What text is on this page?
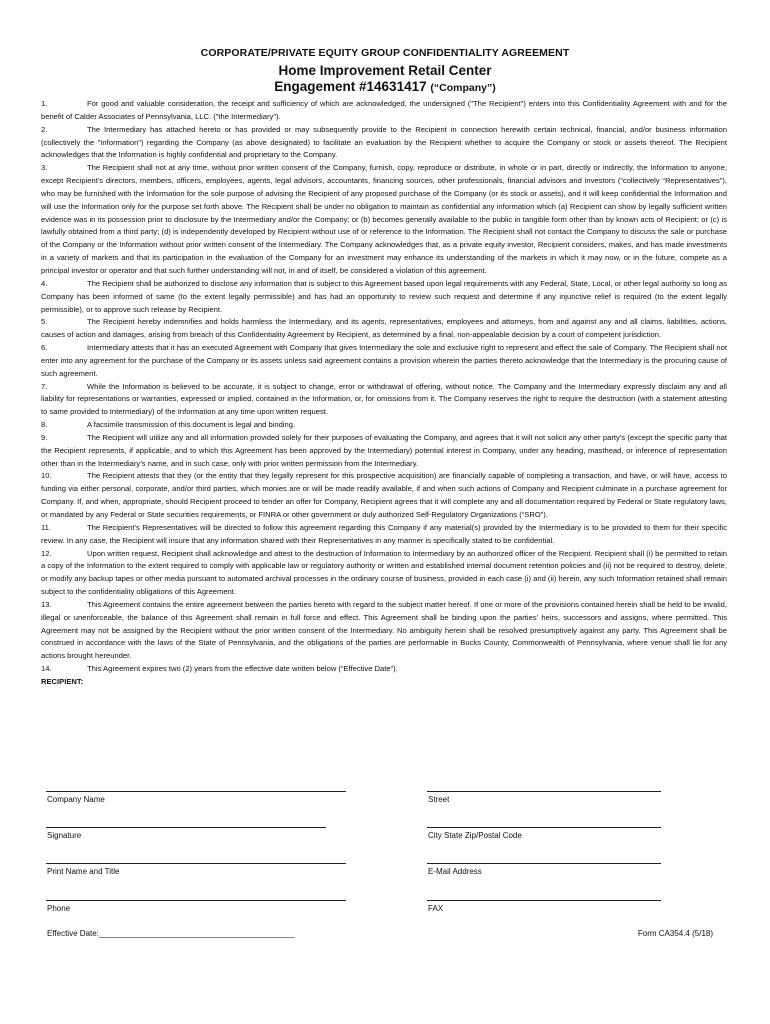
CORPORATE/PRIVATE EQUITY GROUP CONFIDENTIALITY AGREEMENT
Home Improvement Retail Center
Engagement #14631417 (“Company”)

1.	For good and valuable consideration, the receipt and sufficiency of which are acknowledged, the undersigned ("The Recipient") enters into this Confidentiality Agreement with and for the benefit of Calder Associates of Pennsylvania, LLC. ("the Intermediary").

2.	The Intermediary has attached hereto or has provided or may subsequently provide to the Recipient in connection herewith certain technical, financial, and/or business information (collectively the "Information") regarding the Company (as above designated) to facilitate an evaluation by the Recipient whether to acquire the Company or stock or assets thereof. The Recipient acknowledges that the Information is highly confidential and proprietary to the Company.

3.	The Recipient shall not at any time, without prior written consent of the Company, furnish, copy, reproduce or distribute, in whole or in part, directly or indirectly, the Information to anyone, except Recipient's directors, members, officers, employees, agents, legal advisors, accountants, financing sources, other professionals, financial advisors and investors (“collectively “Representatives”), who may be furnished with the Information for the sole purpose of advising the Recipient of any proposed purchase of the Company (or its stock or assets), and it will keep confidential the Information and will use the Information only for the purpose set forth above. The Recipient shall be under no obligation to maintain as confidential any information which (a) Recipient can show by legally sufficient written evidence was in its possession prior to disclosure by the Intermediary and/or the Company; or (b) becomes generally available to the public in tangible form other than by known acts of Recipient; or (c) is lawfully obtained from a third party; (d) is independently developed by Recipient without use of or reference to the Information. The Recipient shall not contact the Company to discuss the sale or purchase of the Company or the Information without prior written consent of the Intermediary. The Company acknowledges that, as a private equity investor, Recipient considers, makes, and has made investments in a variety of markets and that its participation in the evaluation of the Company for an investment may enhance its understanding of the markets in which it may now, or in the future, compete as a principal investor or operator and that such further understanding will not, in and of itself, be considered a violation of this agreement.

4.	The Recipient shall be authorized to disclose any information that is subject to this Agreement based upon legal requirements with any Federal, State, Local, or other legal authority so long as Company has been informed of same (to the extent legally permissible) and has had an opportunity to review such request and determine if any injunctive relief is required (to the extent legally permissible), or to approve such release by Recipient.

5.	The Recipient hereby indemnifies and holds harmless the Intermediary, and its agents, representatives, employees and attorneys, from and against any and all claims, liabilities, actions, causes of action and damages, arising from breach of this Confidentiality Agreement by Recipient, as determined by a final, non-appealable decision by a court of competent jurisdiction.

6.	Intermediary attests that it has an executed Agreement with Company that gives Intermediary the sole and exclusive right to represent and effect the sale of Company. The Recipient shall not enter into any agreement for the purchase of the Company or its assets unless said agreement contains a provision wherein the parties thereto acknowledge that the Intermediary is the procuring cause of such agreement.

7.	While the Information is believed to be accurate, it is subject to change, error or withdrawal of offering, without notice. The Company and the Intermediary expressly disclaim any and all liability for representations or warranties, expressed or implied, contained in the Information, or, for omissions from it. The Company reserves the right to require the destruction (with a statement attesting to same provided to Intermediary) of the Information at any time upon written request.

8.	A facsimile transmission of this document is legal and binding.

9.	The Recipient will utilize any and all information provided solely for their purposes of evaluating the Company, and agrees that it will not solicit any other party’s (except the specific party that the Recipient represents, if applicable, and to which this Agreement has been approved by the Intermediary) potential interest in Company, under any heading, masthead, or inference of representation other than in the Intermediary’s name, and in such case, only with prior written permission from the Intermediary.

10.	The Recipient attests that they (or the entity that they legally represent for this prospective acquisition) are financially capable of completing a transaction, and have, or will have, access to funding via either personal, corporate, and/or third parties, which monies are or will be made readily available, if and when such actions of Company and Recipient culminate in a purchase agreement for Company. If, and when, appropriate, should Recipient proceed to tender an offer for Company, Recipient agrees that it will complete any and all documentation required by Federal or State regulatory laws, or mandated by any Federal or State securities requirements, or FINRA or other government or duly authorized Self-Regulatory Organizations (“SRO”).

11.	The Recipient’s Representatives will be directed to follow this agreement regarding this Company if any material(s) provided by the Intermediary is to be provided to them for their specific review. In any case, the Recipient will insure that any information shared with their Representatives in any manner is specifically stated to be confidential.

12.	Upon written request, Recipient shall acknowledge and attest to the destruction of Information to Intermediary by an authorized officer of the Recipient. Recipient shall (i) be permitted to retain a copy of the Information to the extent required to comply with applicable law or regulatory authority or written and established internal document retention policies and (ii) not be required to destroy, delete, or modify any backup tapes or other media pursuant to automated archival processes in the ordinary course of business, provided in each case (i) and (ii) herein, any such Information retained shall remain subject to the confidentiality obligations of this Agreement.

13.	This Agreement contains the entire agreement between the parties hereto with regard to the subject matter hereof. If one or more of the provisions contained herein shall be held to be invalid, illegal or unenforceable, the balance of this Agreement shall remain in full force and effect. This Agreement shall be binding upon the parties' heirs, successors and assigns, where permitted. This Agreement may not be assigned by the Recipient without the prior written consent of the Intermediary. No ambiguity herein shall be resolved presumptively against any party. This Agreement shall be construed in accordance with the laws of the State of Pennsylvania, and the obligations of the parties are performable in Bucks County, Commonwealth of Pennsylvania, where venue shall lie for any actions brought hereunder.

14.	This Agreement expires two (2) years from the effective date written below (“Effective Date”).

RECIPIENT:

Company Name	Street
Signature	City State Zip/Postal Code
Print Name and Title	E-Mail Address
Phone	FAX
Effective Date:____________________________________________	Form CA354.4 (5/18)
